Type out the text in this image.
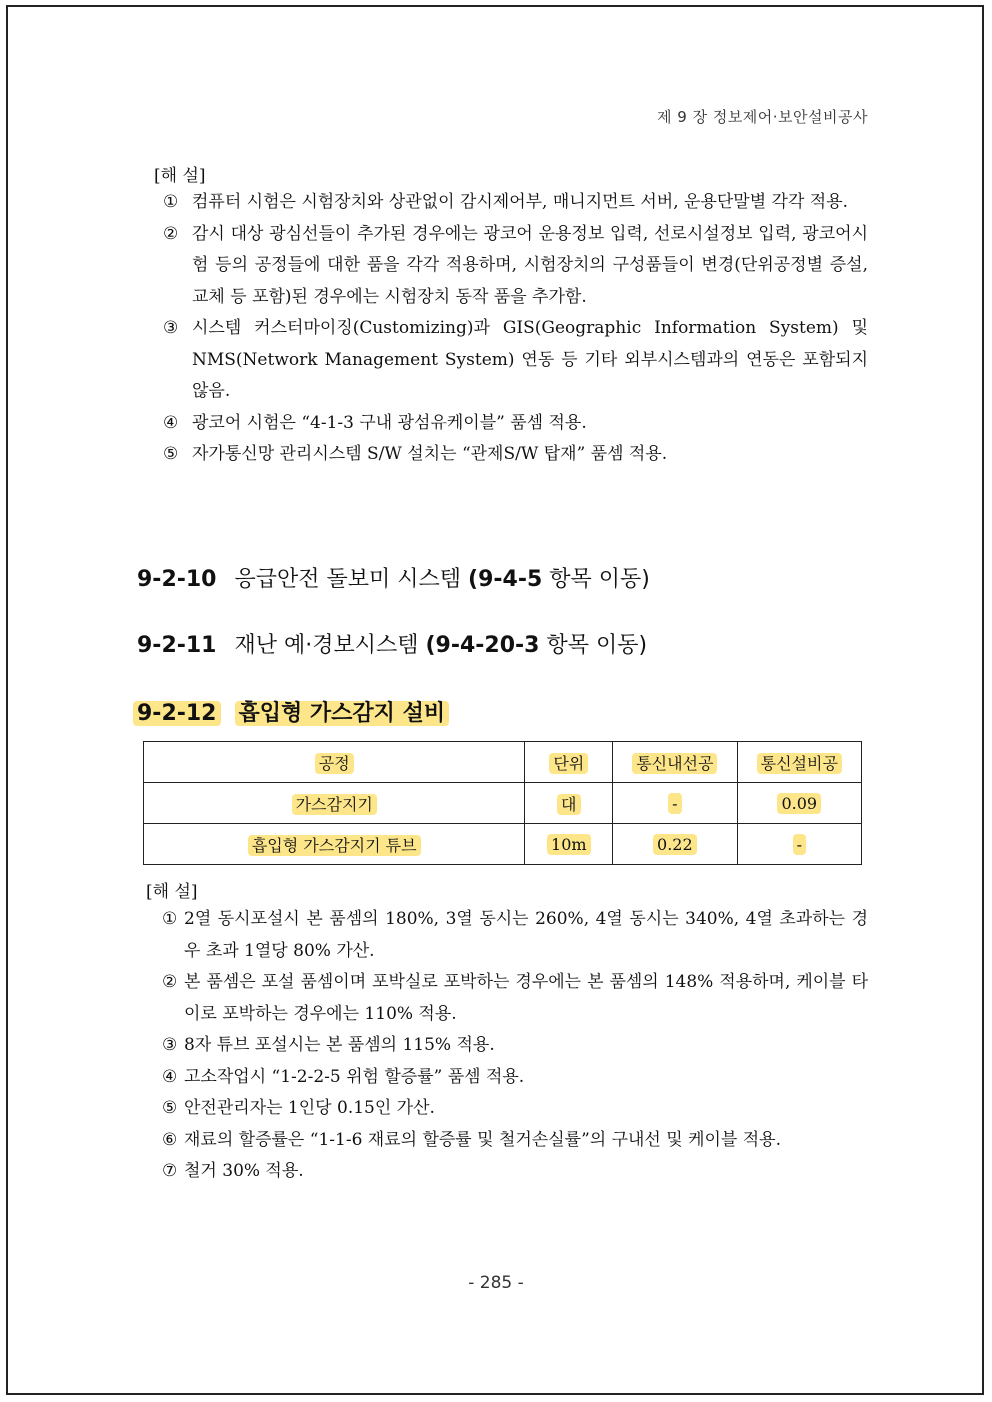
제 9 장 정보제어·보안설비공사
[해 설]
① 컴퓨터 시험은 시험장치와 상관없이 감시제어부, 매니지먼트 서버, 운용단말별 각각 적용.
② 감시 대상 광심선들이 추가된 경우에는 광코어 운용정보 입력, 선로시설정보 입력, 광코어시험 등의 공정들에 대한 품을 각각 적용하며, 시험장치의 구성품들이 변경(단위공정별 증설, 교체 등 포함)된 경우에는 시험장치 동작 품을 추가함.
③ 시스템 커스터마이징(Customizing)과 GIS(Geographic Information System) 및 NMS(Network Management System) 연동 등 기타 외부시스템과의 연동은 포함되지 않음.
④ 광코어 시험은 “4-1-3 구내 광섬유케이블” 품셈 적용.
⑤ 자가통신망 관리시스템 S/W 설치는 “관제S/W 탑재” 품셈 적용.
9-2-10 응급안전 돌보미 시스템 (9-4-5 항목 이동)
9-2-11 재난 예·경보시스템 (9-4-20-3 항목 이동)
9-2-12 흡입형 가스감지 설비
공정	단위	통신내선공	통신설비공
가스감지기	대	-	0.09
흡입형 가스감지기 튜브	10m	0.22	-
[해 설]
① 2열 동시포설시 본 품셈의 180%, 3열 동시는 260%, 4열 동시는 340%, 4열 초과하는 경우 초과 1열당 80% 가산.
② 본 품셈은 포설 품셈이며 포박실로 포박하는 경우에는 본 품셈의 148% 적용하며, 케이블 타이로 포박하는 경우에는 110% 적용.
③ 8자 튜브 포설시는 본 품셈의 115% 적용.
④ 고소작업시 “1-2-2-5 위험 할증률” 품셈 적용.
⑤ 안전관리자는 1인당 0.15인 가산.
⑥ 재료의 할증률은 “1-1-6 재료의 할증률 및 철거손실률”의 구내선 및 케이블 적용.
⑦ 철거 30% 적용.
- 285 -
